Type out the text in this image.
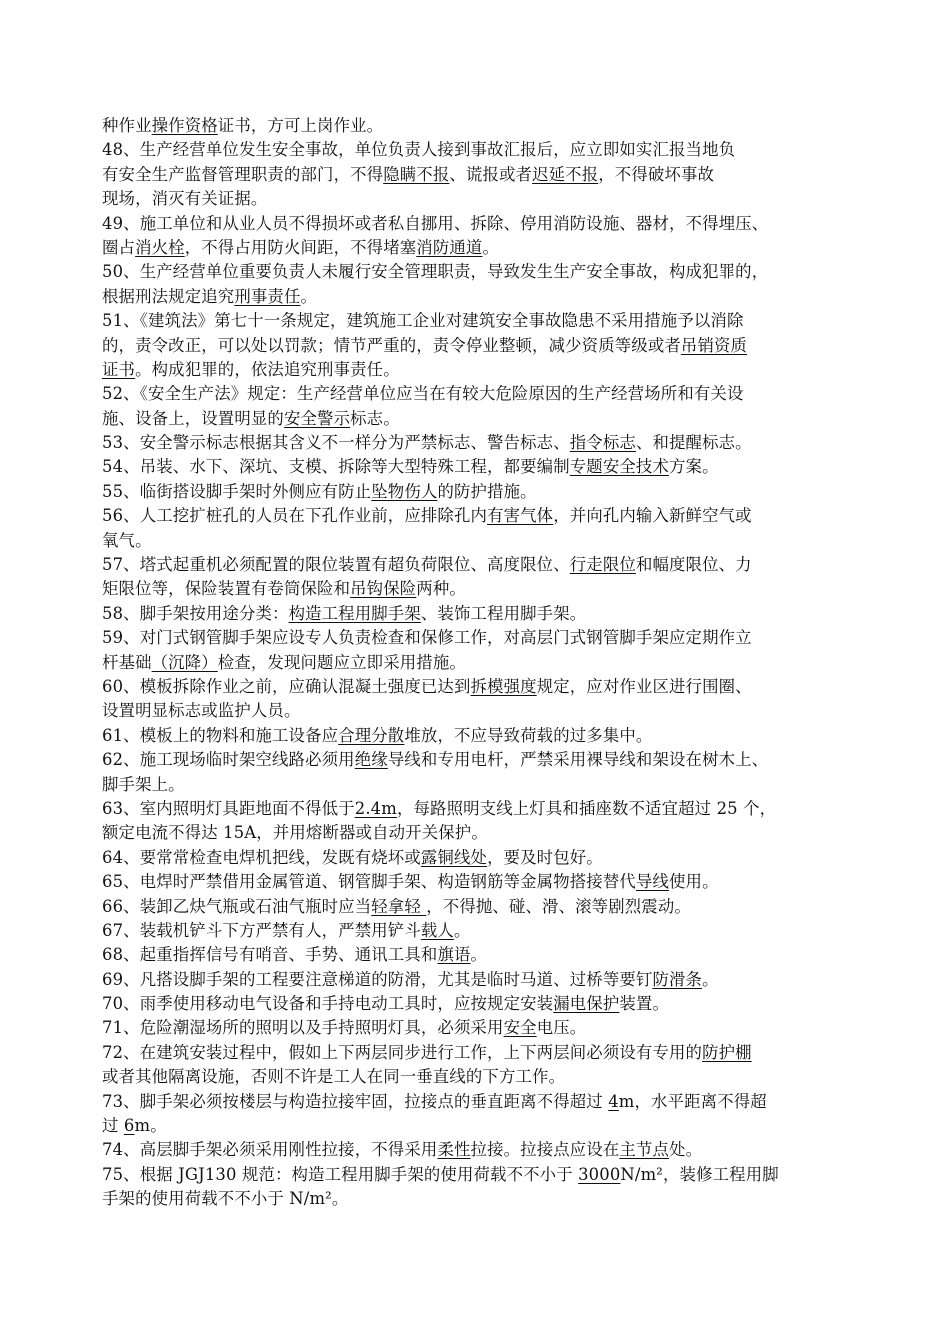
种作业操作资格证书，方可上岗作业。
48、生产经营单位发生安全事故，单位负责人接到事故汇报后，应立即如实汇报当地负
有安全生产监督管理职责的部门，不得隐瞒不报、谎报或者迟延不报，不得破坏事故
现场，消灭有关证据。
49、施工单位和从业人员不得损坏或者私自挪用、拆除、停用消防设施、器材，不得埋压、
圈占消火栓，不得占用防火间距，不得堵塞消防通道。
50、生产经营单位重要负责人未履行安全管理职责，导致发生生产安全事故，构成犯罪的，
根据刑法规定追究刑事责任。
51、《建筑法》第七十一条规定，建筑施工企业对建筑安全事故隐患不采用措施予以消除
的，责令改正，可以处以罚款；情节严重的，责令停业整顿，减少资质等级或者吊销资质
证书。构成犯罪的，依法追究刑事责任。
52、《安全生产法》规定：生产经营单位应当在有较大危险原因的生产经营场所和有关设
施、设备上，设置明显的安全警示标志。
53、安全警示标志根据其含义不一样分为严禁标志、警告标志、指令标志、和提醒标志。
54、吊装、水下、深坑、支模、拆除等大型特殊工程，都要编制专题安全技术方案。
55、临街搭设脚手架时外侧应有防止坠物伤人的防护措施。
56、人工挖扩桩孔的人员在下孔作业前，应排除孔内有害气体，并向孔内输入新鲜空气或
氧气。
57、塔式起重机必须配置的限位装置有超负荷限位、高度限位、行走限位和幅度限位、力
矩限位等，保险装置有卷筒保险和吊钩保险两种。
58、脚手架按用途分类：构造工程用脚手架、装饰工程用脚手架。
59、对门式钢管脚手架应设专人负责检查和保修工作，对高层门式钢管脚手架应定期作立
杆基础（沉降）检查，发现问题应立即采用措施。
60、模板拆除作业之前，应确认混凝土强度已达到拆模强度规定，应对作业区进行围圈、
设置明显标志或监护人员。
61、模板上的物料和施工设备应合理分散堆放，不应导致荷载的过多集中。
62、施工现场临时架空线路必须用绝缘导线和专用电杆，严禁采用裸导线和架设在树木上、
脚手架上。
63、室内照明灯具距地面不得低于2.4m，每路照明支线上灯具和插座数不适宜超过 25 个，
额定电流不得达 15A，并用熔断器或自动开关保护。
64、要常常检查电焊机把线，发既有烧坏或露铜线处，要及时包好。
65、电焊时严禁借用金属管道、钢管脚手架、构造钢筋等金属物搭接替代导线使用。
66、装卸乙炔气瓶或石油气瓶时应当轻拿轻 ，不得抛、碰、滑、滚等剧烈震动。
67、装载机铲斗下方严禁有人，严禁用铲斗载人。
68、起重指挥信号有哨音、手势、通讯工具和旗语。
69、凡搭设脚手架的工程要注意梯道的防滑，尤其是临时马道、过桥等要钉防滑条。
70、雨季使用移动电气设备和手持电动工具时，应按规定安装漏电保护装置。
71、危险潮湿场所的照明以及手持照明灯具，必须采用安全电压。
72、在建筑安装过程中，假如上下两层同步进行工作，上下两层间必须设有专用的防护棚
或者其他隔离设施，否则不许是工人在同一垂直线的下方工作。
73、脚手架必须按楼层与构造拉接牢固，拉接点的垂直距离不得超过 4m，水平距离不得超
过 6m。
74、高层脚手架必须采用刚性拉接，不得采用柔性拉接。拉接点应设在主节点处。
75、根据 JGJ130 规范：构造工程用脚手架的使用荷载不不小于 3000N/m²，装修工程用脚
手架的使用荷载不不小于 N/m²。
